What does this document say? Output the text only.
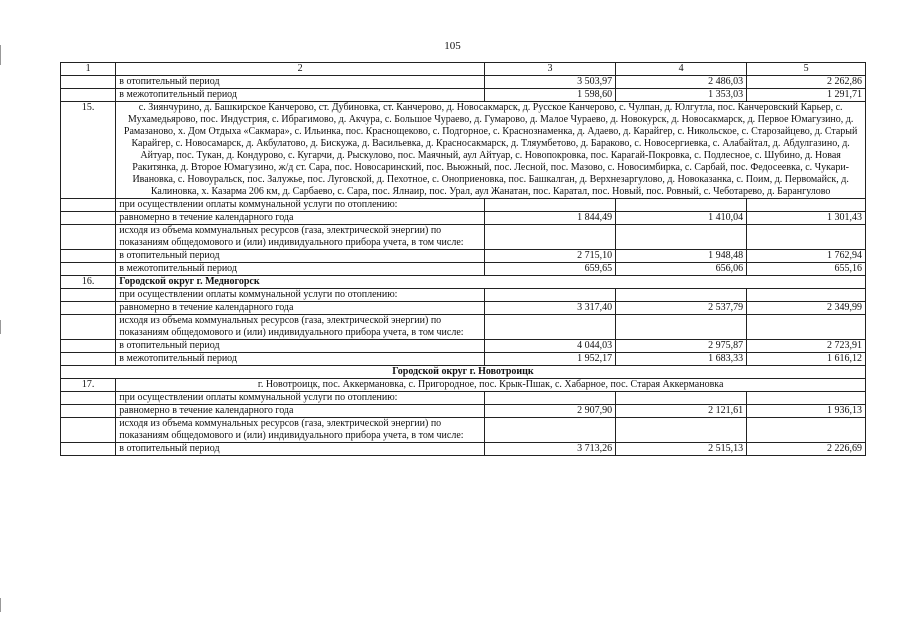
105
1	2	3	4	5
	в отопительный период	3 503,97	2 486,03	2 262,86
	в межотопительный период	1 598,60	1 353,03	1 291,71
15.	с. Зиянчурино, д. Башкирское Канчерово, ст. Дубиновка, ст. Канчерово, д. Новосакмарск, д. Русское Канчерово, с. Чулпан, д. Юлгутла, пос. Канчеровский Карьер, с. Мухамедьярово, пос. Индустрия, с. Ибрагимово, д. Акчура, с. Большое Чураево, д. Гумарово, д. Малое Чураево, д. Новокурск, д. Новосакмарск, д. Первое Юмагузино, д. Рамазаново, х. Дом Отдыха «Сакмара», с. Ильинка, пос. Краснощеково, с. Подгорное, с. Краснознаменка, д. Адаево, д. Карайгер, с. Никольское, с. Старозайцево, д. Старый Карайгер, с. Новосамарск, д. Акбулатово, д. Бискужа, д. Васильевка, д. Красносакмарск, д. Тляумбетово, д. Бараково, с. Новосергиевка, с. Алабайтал, д. Абдулгазино, д. Айтуар, пос. Тукан, д. Кондурово, с. Кугарчи, д. Рыскулово, пос. Маячный, аул Айтуар, с. Новопокровка, пос. Карагай-Покровка, с. Подлесное, с. Шубино, д. Новая Ракитянка, д. Второе Юмагузино, ж/д ст. Сара, пос. Новосаринский, пос. Вьюжный, пос. Лесной, пос. Мазово, с. Новосимбирка, с. Сарбай, пос. Федосеевка, с. Чукари-Ивановка, с. Новоуральск, пос. Залужье, пос. Луговской, д. Пехотное, с. Оноприеновка, пос. Башкалган, д. Верхнезаргулово, д. Новоказанка, с. Поим, д. Первомайск, д. Калиновка, х. Казарма 206 км, д. Сарбаево, с. Сара, пос. Ялнаир, пос. Урал, аул Жанатан, пос. Каратал, пос. Новый, пос. Ровный, с. Чеботарево, д. Барангулово			
	при осуществлении оплаты коммунальной услуги по отоплению:			
	равномерно в течение календарного года	1 844,49	1 410,04	1 301,43
	исходя из объема коммунальных ресурсов (газа, электрической энергии) по показаниям общедомового и (или) индивидуального прибора учета, в том числе:			
	в отопительный период	2 715,10	1 948,48	1 762,94
	в межотопительный период	659,65	656,06	655,16
16.	Городской округ г. Медногорск			
	при осуществлении оплаты коммунальной услуги по отоплению:			
	равномерно в течение календарного года	3 317,40	2 537,79	2 349,99
	исходя из объема коммунальных ресурсов (газа, электрической энергии) по показаниям общедомового и (или) индивидуального прибора учета, в том числе:			
	в отопительный период	4 044,03	2 975,87	2 723,91
	в межотопительный период	1 952,17	1 683,33	1 616,12
Городской округ г. Новотроицк				
17.	г. Новотроицк, пос. Аккермановка, с. Пригородное, пос. Крык-Пшак, с. Хабарное, пос. Старая Аккермановка			
	при осуществлении оплаты коммунальной услуги по отоплению:			
	равномерно в течение календарного года	2 907,90	2 121,61	1 936,13
	исходя из объема коммунальных ресурсов (газа, электрической энергии) по показаниям общедомового и (или) индивидуального прибора учета, в том числе:			
	в отопительный период	3 713,26	2 515,13	2 226,69
